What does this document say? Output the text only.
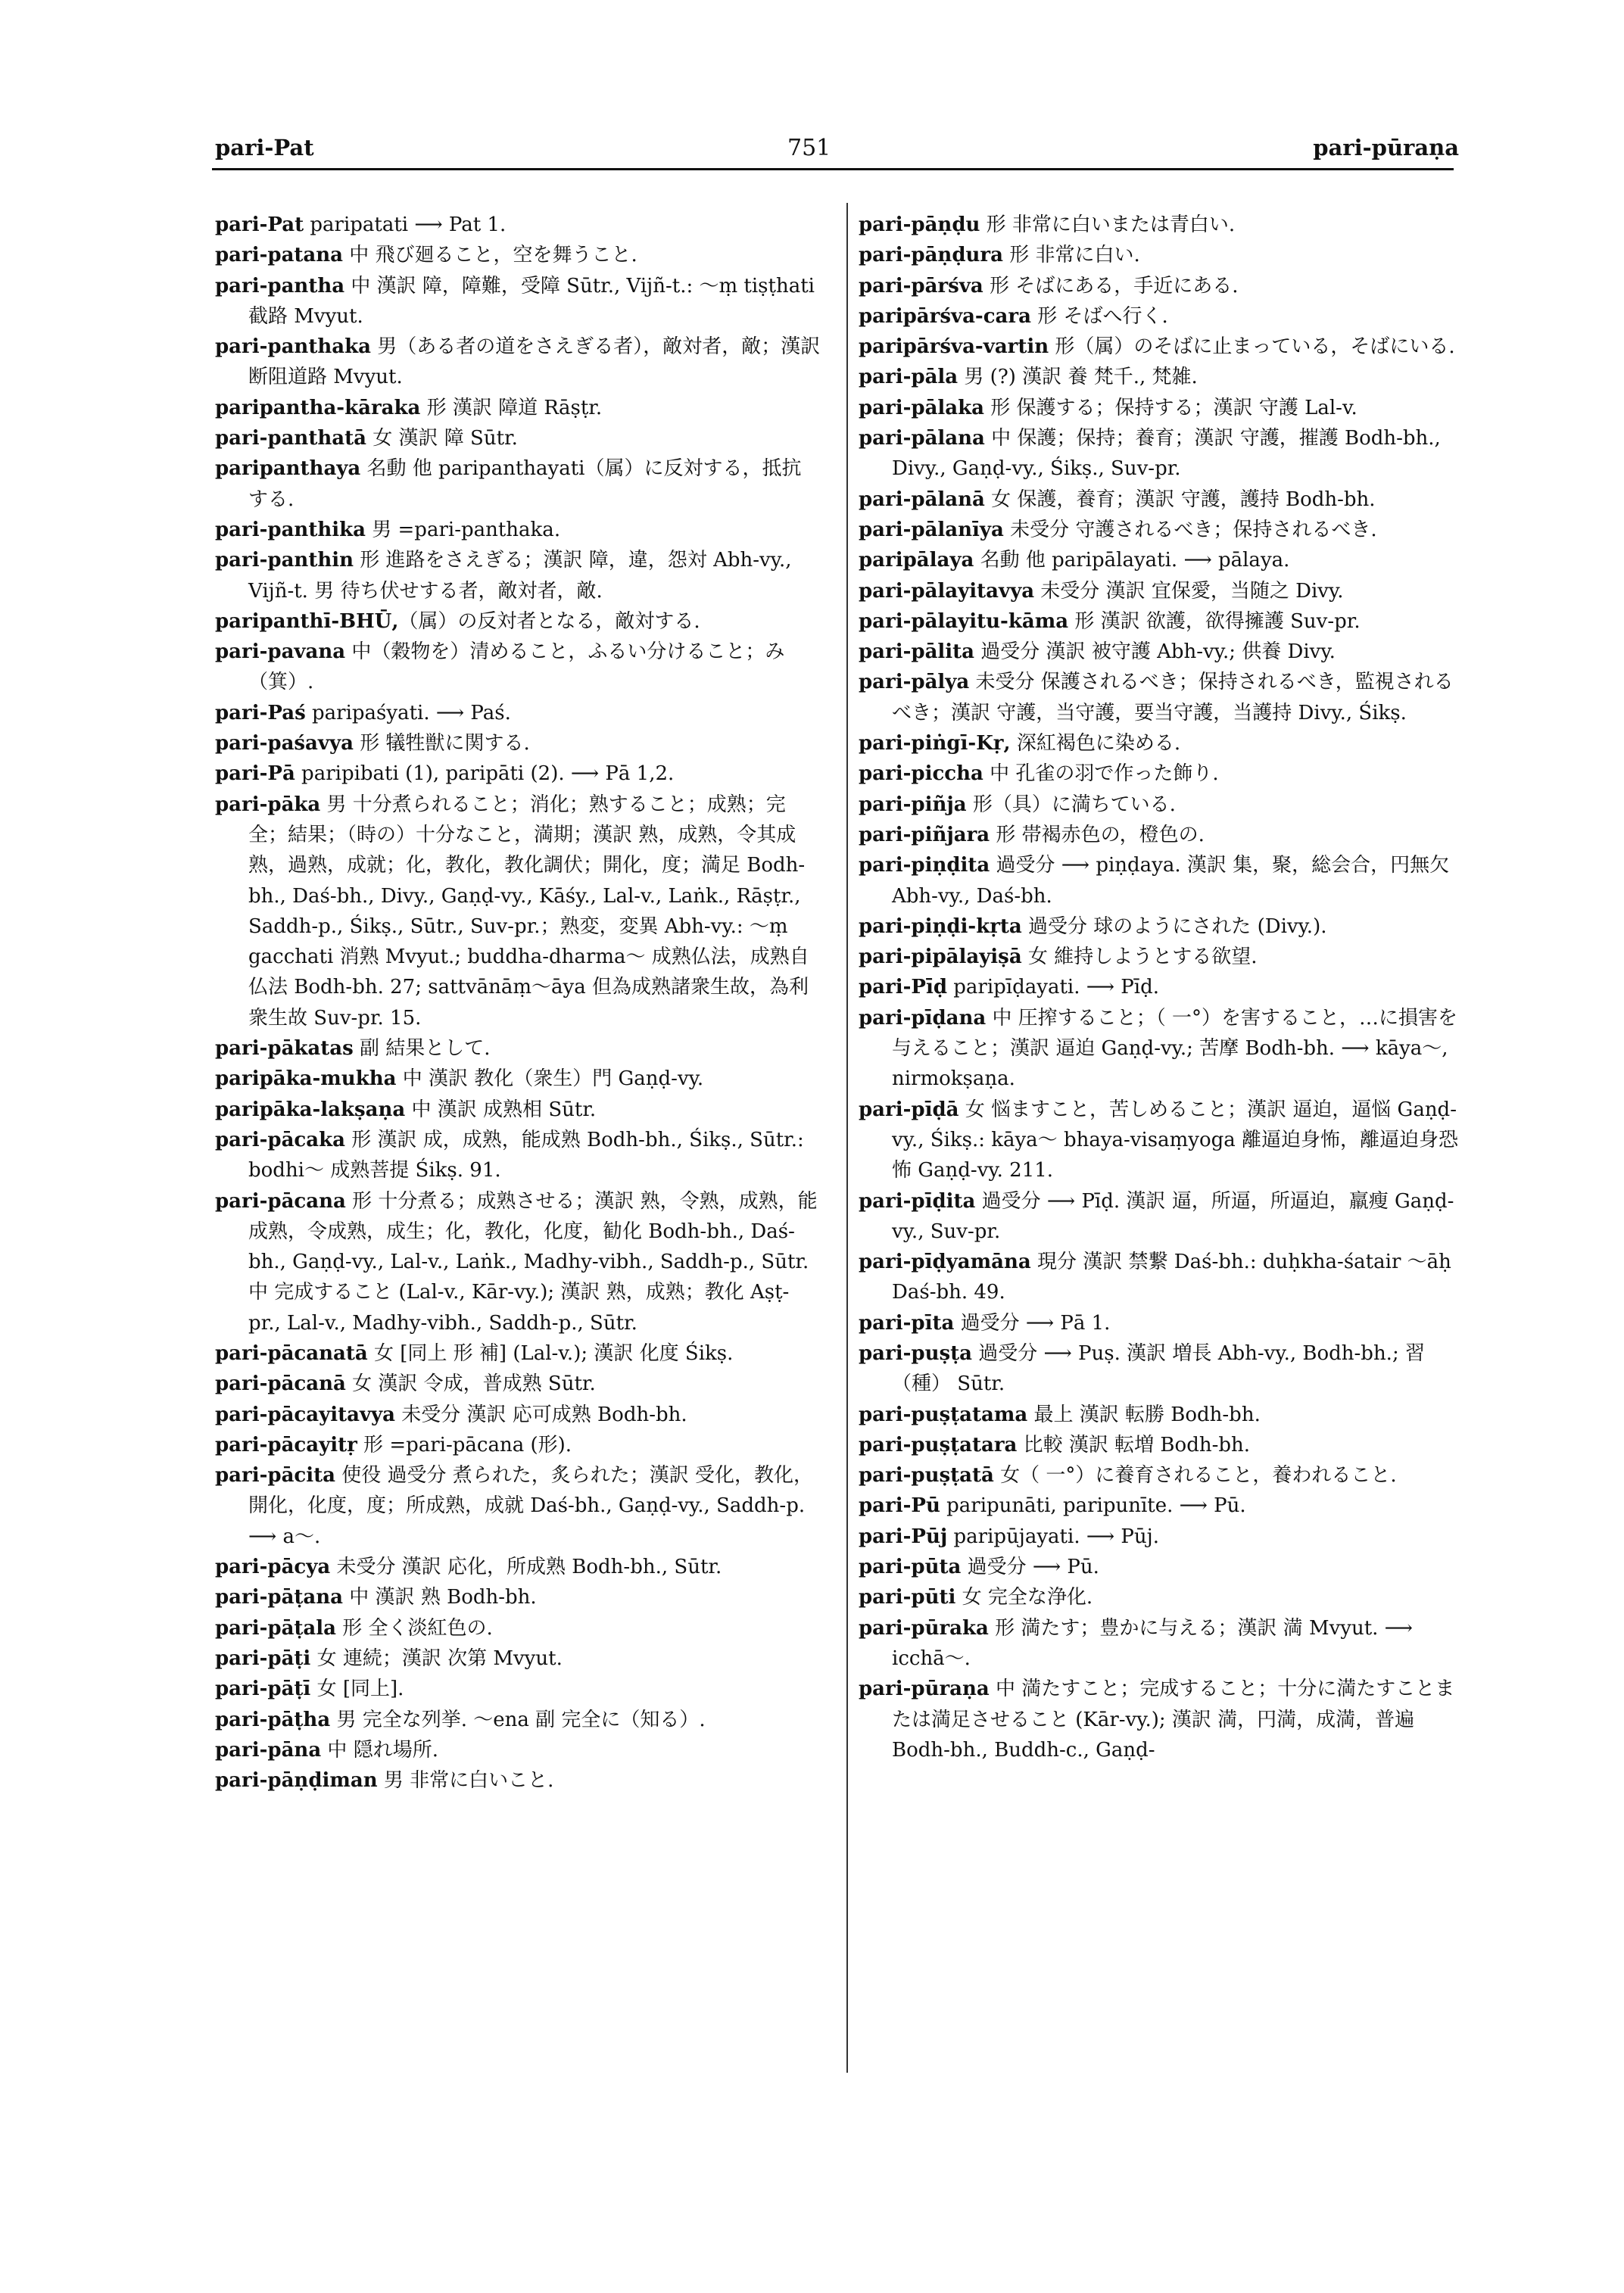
pari-Pat	751	pari-pūraṇa

pari-Pat paripatati ⟶ Pat 1.

pari-patana 中 飛び廻ること，空を舞うこと.

pari-pantha 中 漢訳 障，障難，受障 Sūtr., Vijñ-t.: 〜ṃ tiṣṭhati 截路 Mvyut.

pari-panthaka 男（ある者の道をさえぎる者），敵対者，敵；漢訳 断阻道路 Mvyut.

paripantha-kāraka 形 漢訳 障道 Rāṣṭr.

pari-panthatā 女 漢訳 障 Sūtr.

paripanthaya 名動 他 paripanthayati（属）に反対する，抵抗する.

pari-panthika 男 =pari-panthaka.

pari-panthin 形 進路をさえぎる；漢訳 障，違，怨対 Abh-vy., Vijñ-t. 男 待ち伏せする者，敵対者，敵.

paripanthī-BHŪ,（属）の反対者となる，敵対する.

pari-pavana 中（穀物を）清めること，ふるい分けること；み（箕）.

pari-Paś paripaśyati. ⟶ Paś.

pari-paśavya 形 犠牲獣に関する.

pari-Pā paripibati (1), paripāti (2). ⟶ Pā 1,2.

pari-pāka 男 十分煮られること；消化；熟すること；成熟；完全；結果；（時の）十分なこと，満期；漢訳 熟，成熟，令其成熟，過熟，成就；化，教化，教化調伏；開化，度；満足 Bodh-bh., Daś-bh., Divy., Gaṇḍ-vy., Kāśy., Lal-v., Laṅk., Rāṣṭr., Saddh-p., Śikṣ., Sūtr., Suv-pr.；熟変，変異 Abh-vy.: 〜ṃ gacchati 消熟 Mvyut.; buddha-dharma〜 成熟仏法，成熟自仏法 Bodh-bh. 27; sattvānāṃ〜āya 但為成熟諸衆生故，為利衆生故 Suv-pr. 15.

pari-pākatas 副 結果として.

paripāka-mukha 中 漢訳 教化（衆生）門 Gaṇḍ-vy.

paripāka-lakṣaṇa 中 漢訳 成熟相 Sūtr.

pari-pācaka 形 漢訳 成，成熟，能成熟 Bodh-bh., Śikṣ., Sūtr.: bodhi〜 成熟菩提 Śikṣ. 91.

pari-pācana 形 十分煮る；成熟させる；漢訳 熟，令熟，成熟，能成熟，令成熟，成生；化，教化，化度，勧化 Bodh-bh., Daś-bh., Gaṇḍ-vy., Lal-v., Laṅk., Madhy-vibh., Saddh-p., Sūtr. 中 完成すること (Lal-v., Kār-vy.); 漢訳 熟，成熟；教化 Aṣṭ-pr., Lal-v., Madhy-vibh., Saddh-p., Sūtr.

pari-pācanatā 女 [同上 形 補] (Lal-v.); 漢訳 化度 Śikṣ.

pari-pācanā 女 漢訳 令成，普成熟 Sūtr.

pari-pācayitavya 未受分 漢訳 応可成熟 Bodh-bh.

pari-pācayitṛ 形 =pari-pācana (形).

pari-pācita 使役 過受分 煮られた，炙られた；漢訳 受化，教化，開化，化度，度；所成熟，成就 Daś-bh., Gaṇḍ-vy., Saddh-p. ⟶ a〜.

pari-pācya 未受分 漢訳 応化，所成熟 Bodh-bh., Sūtr.

pari-pāṭana 中 漢訳 熟 Bodh-bh.

pari-pāṭala 形 全く淡紅色の.

pari-pāṭi 女 連続；漢訳 次第 Mvyut.

pari-pāṭī 女 [同上].

pari-pāṭha 男 完全な列挙. 〜ena 副 完全に（知る）.

pari-pāna 中 隠れ場所.

pari-pāṇḍiman 男 非常に白いこと.

pari-pāṇḍu 形 非常に白いまたは青白い.

pari-pāṇḍura 形 非常に白い.

pari-pārśva 形 そばにある，手近にある.

paripārśva-cara 形 そばへ行く.

paripārśva-vartin 形（属）のそばに止まっている，そばにいる.

pari-pāla 男 (?) 漢訳 養 梵千., 梵雑.

pari-pālaka 形 保護する；保持する；漢訳 守護 Lal-v.

pari-pālana 中 保護；保持；養育；漢訳 守護，摧護 Bodh-bh., Divy., Gaṇḍ-vy., Śikṣ., Suv-pr.

pari-pālanā 女 保護，養育；漢訳 守護，護持 Bodh-bh.

pari-pālanīya 未受分 守護されるべき；保持されるべき.

paripālaya 名動 他 paripālayati. ⟶ pālaya.

pari-pālayitavya 未受分 漢訳 宜保愛，当随之 Divy.

pari-pālayitu-kāma 形 漢訳 欲護，欲得擁護 Suv-pr.

pari-pālita 過受分 漢訳 被守護 Abh-vy.; 供養 Divy.

pari-pālya 未受分 保護されるべき；保持されるべき，監視されるべき；漢訳 守護，当守護，要当守護，当護持 Divy., Śikṣ.

pari-piṅgī-Kṛ, 深紅褐色に染める.

pari-piccha 中 孔雀の羽で作った飾り.

pari-piñja 形（具）に満ちている.

pari-piñjara 形 帯褐赤色の，橙色の.

pari-piṇḍita 過受分 ⟶ piṇḍaya. 漢訳 集，聚，総会合，円無欠 Abh-vy., Daś-bh.

pari-piṇḍi-kṛta 過受分 球のようにされた (Divy.).

pari-pipālayiṣā 女 維持しようとする欲望.

pari-Pīḍ paripīḍayati. ⟶ Pīḍ.

pari-pīḍana 中 圧搾すること；（ 一°）を害すること，…に損害を与えること；漢訳 逼迫 Gaṇḍ-vy.; 苦摩 Bodh-bh. ⟶ kāya〜, nirmokṣaṇa.

pari-pīḍā 女 悩ますこと，苦しめること；漢訳 逼迫，逼悩 Gaṇḍ-vy., Śikṣ.: kāya〜 bhaya-visaṃyoga 離逼迫身怖，離逼迫身恐怖 Gaṇḍ-vy. 211.

pari-pīḍita 過受分 ⟶ Pīḍ. 漢訳 逼，所逼，所逼迫，羸瘦 Gaṇḍ-vy., Suv-pr.

pari-pīḍyamāna 現分 漢訳 禁繋 Daś-bh.: duḥkha-śatair 〜āḥ Daś-bh. 49.

pari-pīta 過受分 ⟶ Pā 1.

pari-puṣṭa 過受分 ⟶ Puṣ. 漢訳 増長 Abh-vy., Bodh-bh.; 習（種） Sūtr.

pari-puṣṭatama 最上 漢訳 転勝 Bodh-bh.

pari-puṣṭatara 比較 漢訳 転増 Bodh-bh.

pari-puṣṭatā 女（ 一°）に養育されること，養われること.

pari-Pū paripunāti, paripunīte. ⟶ Pū.

pari-Pūj paripūjayati. ⟶ Pūj.

pari-pūta 過受分 ⟶ Pū.

pari-pūti 女 完全な浄化.

pari-pūraka 形 満たす；豊かに与える；漢訳 満 Mvyut. ⟶ icchā〜.

pari-pūraṇa 中 満たすこと；完成すること；十分に満たすことまたは満足させること (Kār-vy.); 漢訳 満，円満，成満，普遍 Bodh-bh., Buddh-c., Gaṇḍ-
